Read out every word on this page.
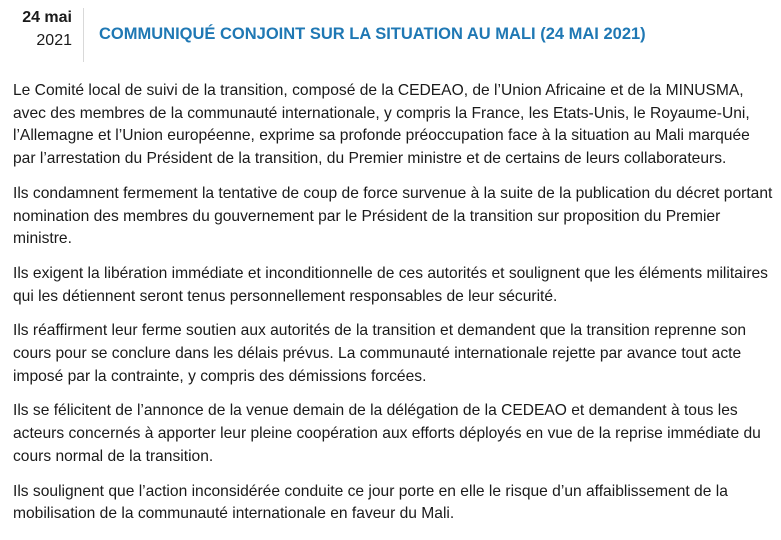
24 mai
2021 COMMUNIQUÉ CONJOINT SUR LA SITUATION AU MALI (24 MAI 2021)

Le Comité local de suivi de la transition, composé de la CEDEAO, de l’Union Africaine et de la MINUSMA, avec des membres de la communauté internationale, y compris la France, les Etats-Unis, le Royaume-Uni, l’Allemagne et l’Union européenne, exprime sa profonde préoccupation face à la situation au Mali marquée par l’arrestation du Président de la transition, du Premier ministre et de certains de leurs collaborateurs.

Ils condamnent fermement la tentative de coup de force survenue à la suite de la publication du décret portant nomination des membres du gouvernement par le Président de la transition sur proposition du Premier ministre.

Ils exigent la libération immédiate et inconditionnelle de ces autorités et soulignent que les éléments militaires qui les détiennent seront tenus personnellement responsables de leur sécurité.

Ils réaffirment leur ferme soutien aux autorités de la transition et demandent que la transition reprenne son cours pour se conclure dans les délais prévus. La communauté internationale rejette par avance tout acte imposé par la contrainte, y compris des démissions forcées.

Ils se félicitent de l’annonce de la venue demain de la délégation de la CEDEAO et demandent à tous les acteurs concernés à apporter leur pleine coopération aux efforts déployés en vue de la reprise immédiate du cours normal de la transition.

Ils soulignent que l’action inconsidérée conduite ce jour porte en elle le risque d’un affaiblissement de la mobilisation de la communauté internationale en faveur du Mali.
